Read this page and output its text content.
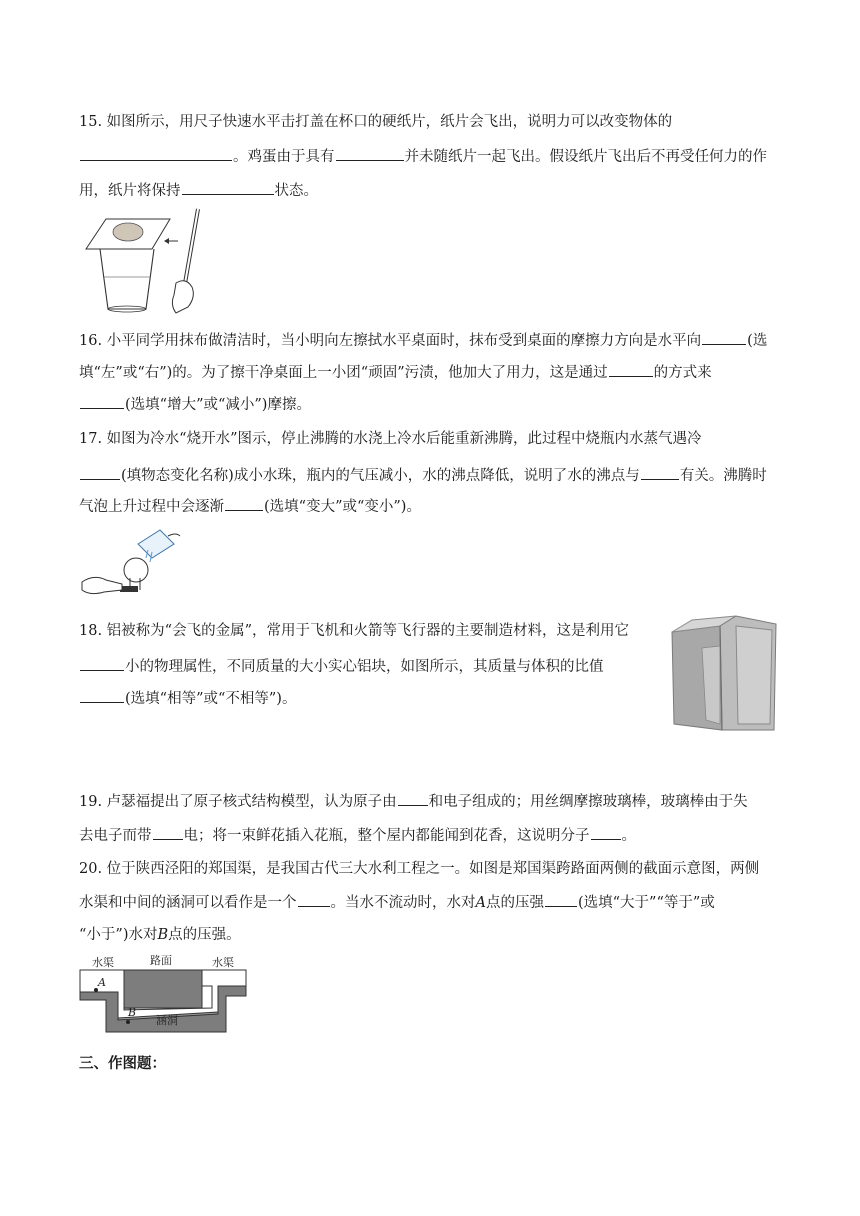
15. 如图所示，用尺子快速水平击打盖在杯口的硬纸片，纸片会飞出，说明力可以改变物体的
。鸡蛋由于具有	并未随纸片一起飞出。假设纸片飞出后不再受任何力的作
用，纸片将保持	状态。
16. 小平同学用抹布做清洁时，当小明向左擦拭水平桌面时，抹布受到桌面的摩擦力方向是水平向	(选
填“左”或“右”)的。为了擦干净桌面上一小团“顽固”污渍，他加大了用力，这是通过	的方式来
(选填“增大”或“减小”)摩擦。
17. 如图为冷水“烧开水”图示，停止沸腾的水浇上冷水后能重新沸腾，此过程中烧瓶内水蒸气遇冷
(填物态变化名称)成小水珠，瓶内的气压减小，水的沸点降低，说明了水的沸点与	有关。沸腾时
气泡上升过程中会逐渐	(选填“变大”或“变小”)。
18. 铝被称为“会飞的金属”，常用于飞机和火箭等飞行器的主要制造材料，这是利用它
小的物理属性，不同质量的大小实心铝块，如图所示，其质量与体积的比值
(选填“相等”或“不相等”)。
19. 卢瑟福提出了原子核式结构模型，认为原子由 和电子组成的；用丝绸摩擦玻璃棒，玻璃棒由于失
去电子而带 电；将一束鲜花插入花瓶，整个屋内都能闻到花香，这说明分子 。
20. 位于陕西泾阳的郑国渠，是我国古代三大水利工程之一。如图是郑国渠跨路面两侧的截面示意图，两侧
水渠和中间的涵洞可以看作是一个 。当水不流动时，水对A点的压强 (选填“大于”“等于”或
“小于”)水对B点的压强。
水渠	路面	水渠
A
B
涵洞
三、作图题：
